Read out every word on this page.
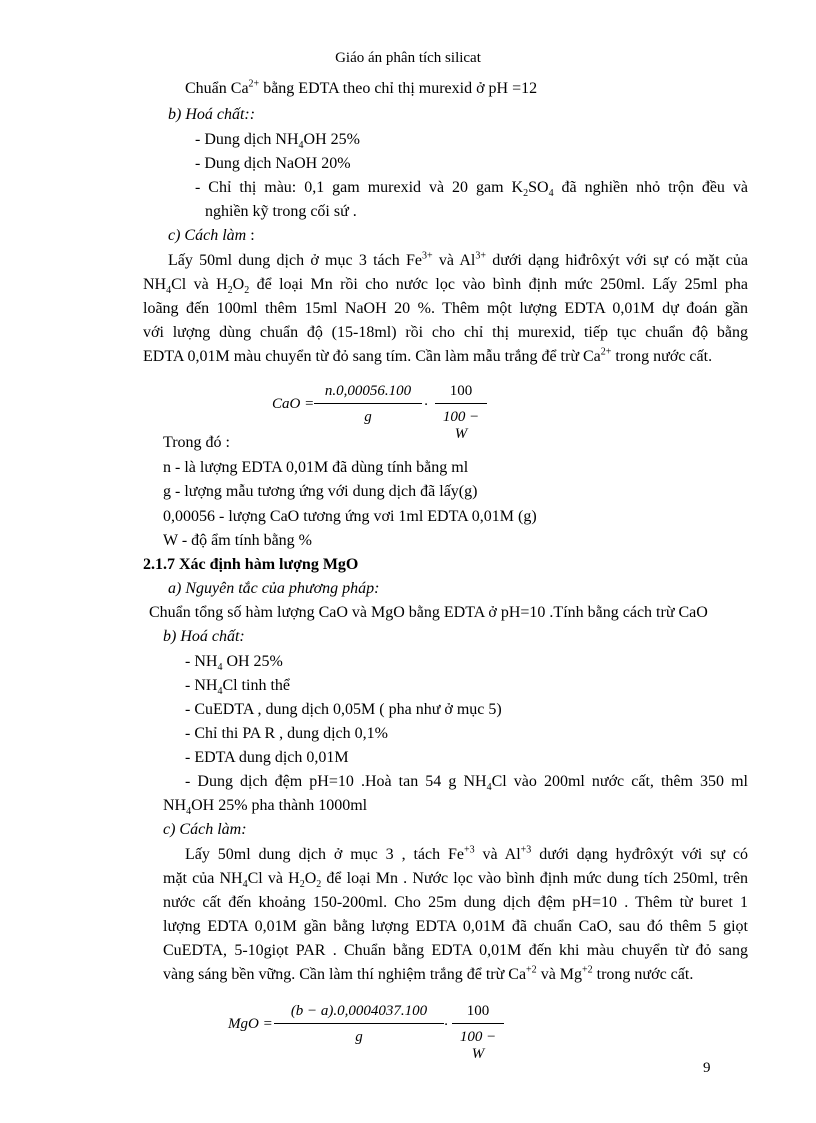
Giáo án phân tích silicat
Chuẩn $Ca^{2+}$ bằng EDTA theo chỉ thị murexid ở pH =12
b) Hoá chất::
- Dung dịch $NH_4OH$ 25%
- Dung dịch NaOH 20%
- Chỉ thị màu: 0,1 gam murexid và 20 gam $K_2SO_4$ đã nghiền nhỏ trộn đều và
nghiền kỹ trong cối sứ .
c) Cách làm :
Lấy 50ml dung dịch ở mục 3 tách $Fe^{3+}$ và $Al^{3+}$ dưới dạng hiđrôxýt với sự có mặt của
$NH_4Cl$ và $H_2O_2$ để loại Mn rồi cho nước lọc vào bình định mức 250ml. Lấy 25ml pha
loãng đến 100ml thêm 15ml NaOH 20 %. Thêm một lượng EDTA 0,01M dự đoán gần
với lượng dùng chuẩn độ (15-18ml) rồi cho chỉ thị murexid, tiếp tục chuẩn độ bằng
EDTA 0,01M màu chuyển từ đỏ sang tím. Cần làm mẫu trắng để trừ $Ca^{2+}$ trong nước cất.
CaO =
n.0,00056.100
g
·
100
100 − W
Trong đó :
n - là lượng EDTA 0,01M đã dùng tính bằng ml
g - lượng mẫu tương ứng với dung dịch đã lấy(g)
0,00056 - lượng CaO tương ứng vơi 1ml EDTA 0,01M (g)
W - độ ẩm tính bằng %
2.1.7 Xác định hàm lượng MgO
a) Nguyên tắc của phương pháp:
Chuẩn tổng số hàm lượng CaO và MgO bằng EDTA ở pH=10 .Tính bằng cách trừ CaO
b) Hoá chất:
- $NH_4$ OH 25%
- $NH_4Cl$ tinh thể
- CuEDTA , dung dịch 0,05M ( pha như ở mục 5)
- Chỉ thi PA R , dung dịch 0,1%
- EDTA dung dịch 0,01M
- Dung dịch đệm pH=10 .Hoà tan 54 g $NH_4Cl$ vào 200ml nước cất, thêm 350 ml
$NH_4OH$ 25% pha thành 1000ml
c) Cách làm:
Lấy 50ml dung dịch ở mục 3 , tách $Fe^{+3}$ và $Al^{+3}$ dưới dạng hyđrôxýt với sự có
mặt của $NH_4Cl$ và $H_2O_2$ để loại Mn . Nước lọc vào bình định mức dung tích 250ml, trên
nước cất đến khoảng 150-200ml. Cho 25m dung dịch đệm pH=10 . Thêm từ buret 1
lượng EDTA 0,01M gần bằng lượng EDTA 0,01M đã chuẩn CaO, sau đó thêm 5 giọt
CuEDTA, 5-10giọt PAR . Chuẩn bằng EDTA 0,01M đến khi màu chuyển từ đỏ sang
vàng sáng bền vững. Cần làm thí nghiệm trắng để trừ $Ca^{+2}$ và $Mg^{+2}$ trong nước cất.
MgO =
(b − a).0,0004037.100
g
·
100
100 − W
9
